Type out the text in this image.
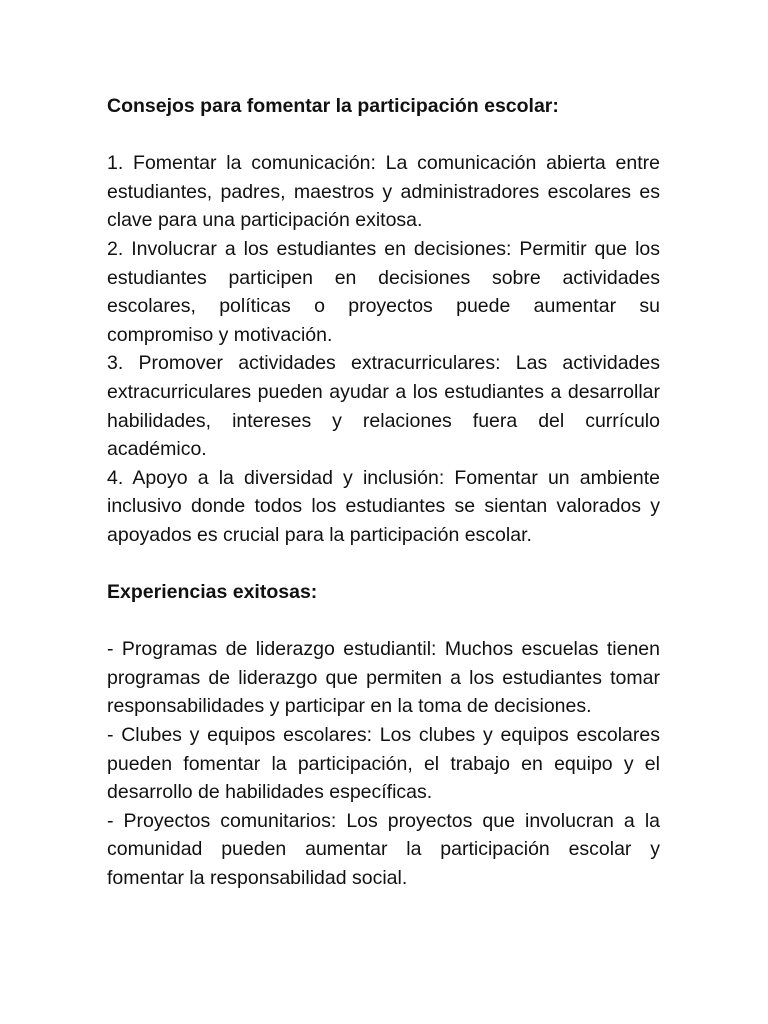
Consejos para fomentar la participación escolar:

1. Fomentar la comunicación: La comunicación abierta entre estudiantes, padres, maestros y administradores escolares es clave para una participación exitosa.

2. Involucrar a los estudiantes en decisiones: Permitir que los estudiantes participen en decisiones sobre actividades escolares, políticas o proyectos puede aumentar su compromiso y motivación.

3. Promover actividades extracurriculares: Las actividades extracurriculares pueden ayudar a los estudiantes a desarrollar habilidades, intereses y relaciones fuera del currículo académico.

4. Apoyo a la diversidad y inclusión: Fomentar un ambiente inclusivo donde todos los estudiantes se sientan valorados y apoyados es crucial para la participación escolar.

Experiencias exitosas:

- Programas de liderazgo estudiantil: Muchos escuelas tienen programas de liderazgo que permiten a los estudiantes tomar responsabilidades y participar en la toma de decisiones.

- Clubes y equipos escolares: Los clubes y equipos escolares pueden fomentar la participación, el trabajo en equipo y el desarrollo de habilidades específicas.

- Proyectos comunitarios: Los proyectos que involucran a la comunidad pueden aumentar la participación escolar y fomentar la responsabilidad social.
